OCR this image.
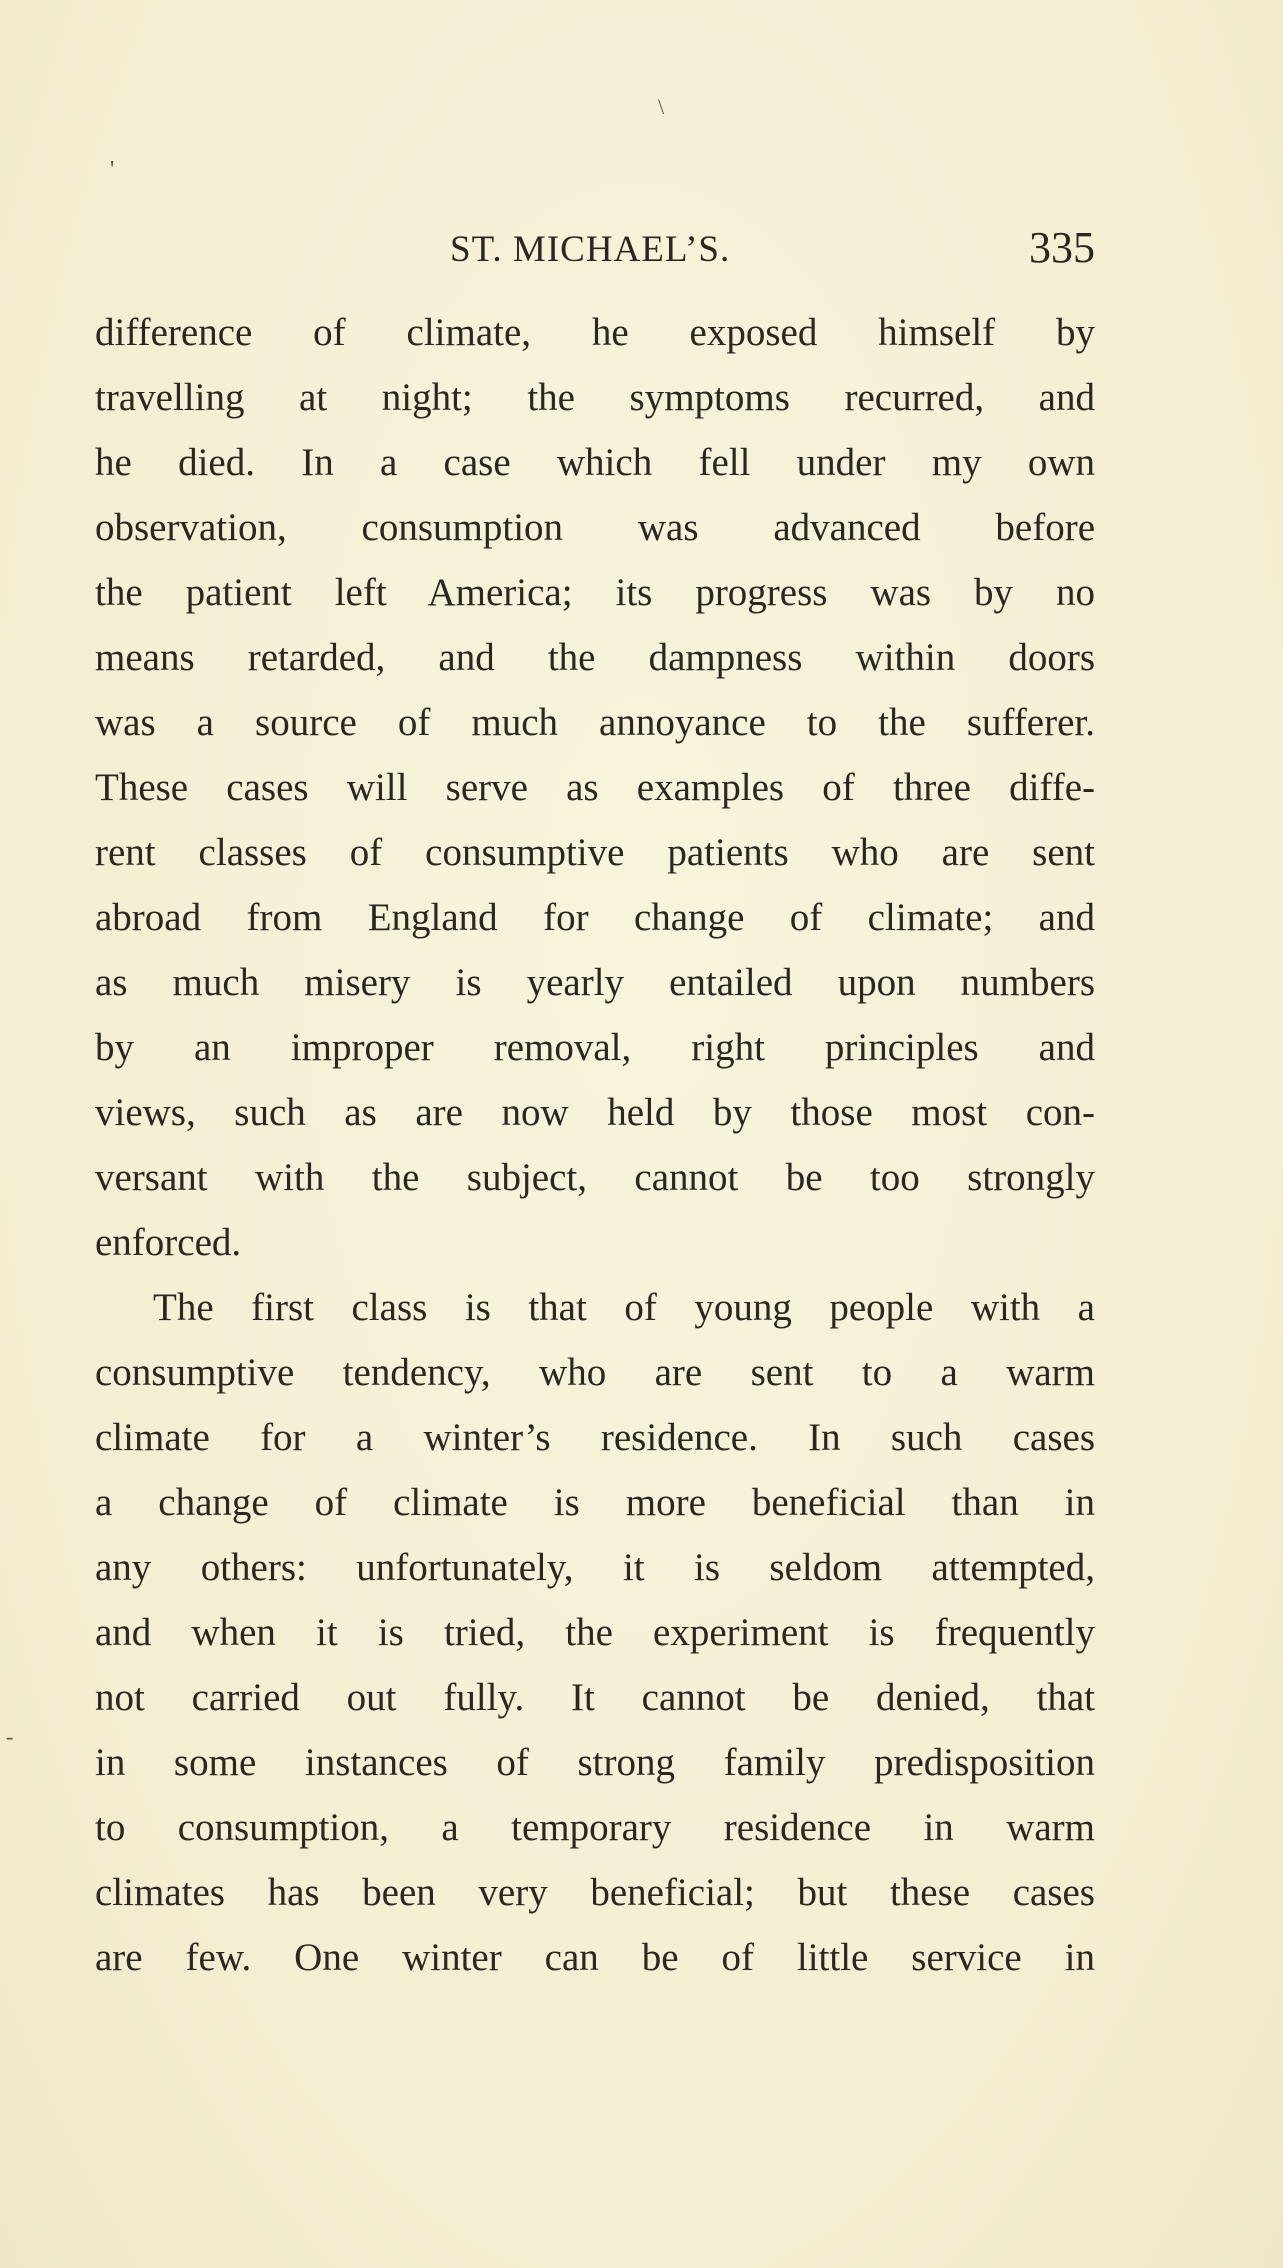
\
'
-
ST. MICHAEL’S.	335
difference of climate, he exposed himself by
travelling at night; the symptoms recurred, and
he died. In a case which fell under my own
observation, consumption was advanced before
the patient left America; its progress was by no
means retarded, and the dampness within doors
was a source of much annoyance to the sufferer.
These cases will serve as examples of three diffe-
rent classes of consumptive patients who are sent
abroad from England for change of climate; and
as much misery is yearly entailed upon numbers
by an improper removal, right principles and
views, such as are now held by those most con-
versant with the subject, cannot be too strongly
enforced.
The first class is that of young people with a
consumptive tendency, who are sent to a warm
climate for a winter’s residence. In such cases
a change of climate is more beneficial than in
any others: unfortunately, it is seldom attempted,
and when it is tried, the experiment is frequently
not carried out fully. It cannot be denied, that
in some instances of strong family predisposition
to consumption, a temporary residence in warm
climates has been very beneficial; but these cases
are few. One winter can be of little service in
